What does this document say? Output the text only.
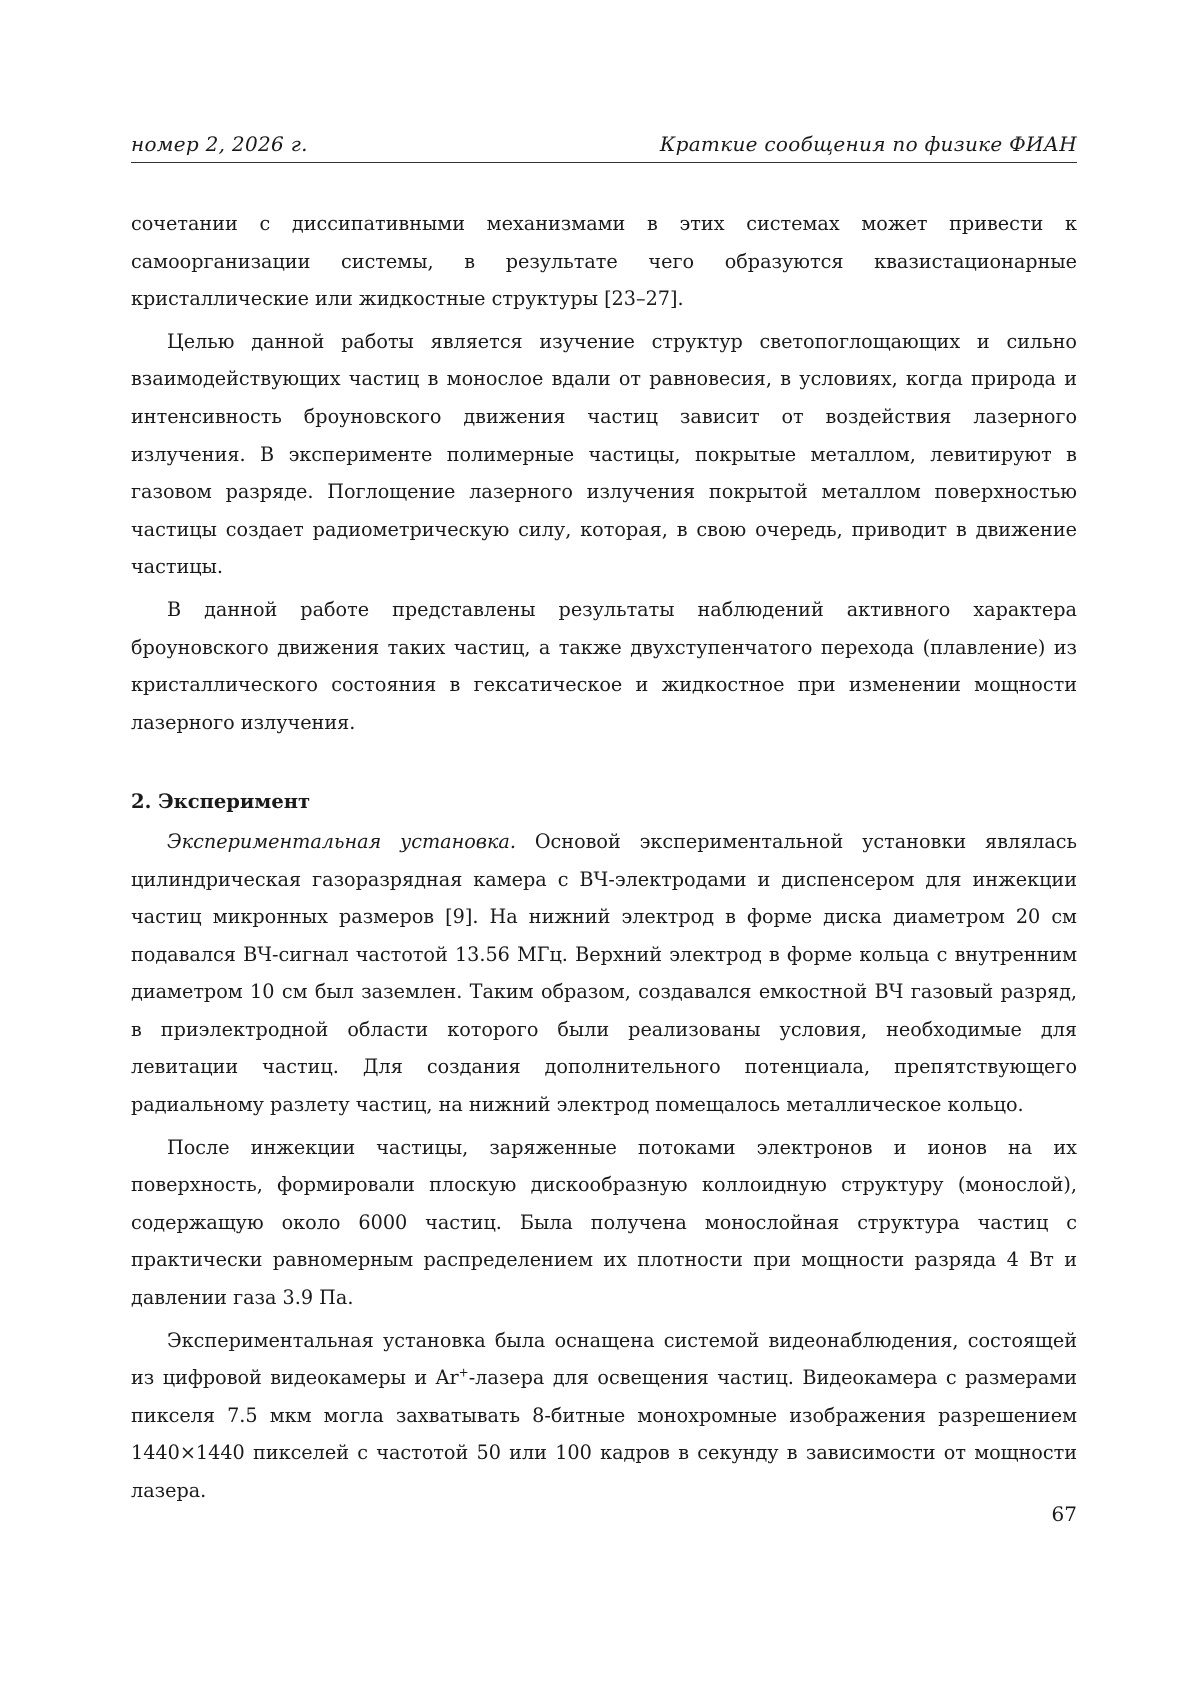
номер 2, 2026 г.	Краткие сообщения по физике ФИАН

сочетании с диссипативными механизмами в этих системах может привести к самоорганизации системы, в результате чего образуются квазистационарные кристаллические или жидкостные структуры [23–27].

Целью данной работы является изучение структур светопоглощающих и сильно взаимодействующих частиц в монослое вдали от равновесия, в условиях, когда природа и интенсивность броуновского движения частиц зависит от воздействия лазерного излучения. В эксперименте полимерные частицы, покрытые металлом, левитируют в газовом разряде. Поглощение лазерного излучения покрытой металлом поверхностью частицы создает радиометрическую силу, которая, в свою очередь, приводит в движение частицы.

В данной работе представлены результаты наблюдений активного характера броуновского движения таких частиц, а также двухступенчатого перехода (плавление) из кристаллического состояния в гексатическое и жидкостное при изменении мощности лазерного излучения.

2. Эксперимент

Экспериментальная установка. Основой экспериментальной установки являлась цилиндрическая газоразрядная камера с ВЧ-электродами и диспенсером для инжекции частиц микронных размеров [9]. На нижний электрод в форме диска диаметром 20 см подавался ВЧ-сигнал частотой 13.56 МГц. Верхний электрод в форме кольца с внутренним диаметром 10 см был заземлен. Таким образом, создавался емкостной ВЧ газовый разряд, в приэлектродной области которого были реализованы условия, необходимые для левитации частиц. Для создания дополнительного потенциала, препятствующего радиальному разлету частиц, на нижний электрод помещалось металлическое кольцо.

После инжекции частицы, заряженные потоками электронов и ионов на их поверхность, формировали плоскую дискообразную коллоидную структуру (монослой), содержащую около 6000 частиц. Была получена монослойная структура частиц с практически равномерным распределением их плотности при мощности разряда 4 Вт и давлении газа 3.9 Па.

Экспериментальная установка была оснащена системой видеонаблюдения, состоящей из цифровой видеокамеры и Ar+-лазера для освещения частиц. Видеокамера с размерами пикселя 7.5 мкм могла захватывать 8-битные монохромные изображения разрешением 1440×1440 пикселей с частотой 50 или 100 кадров в секунду в зависимости от мощности лазера.

67
